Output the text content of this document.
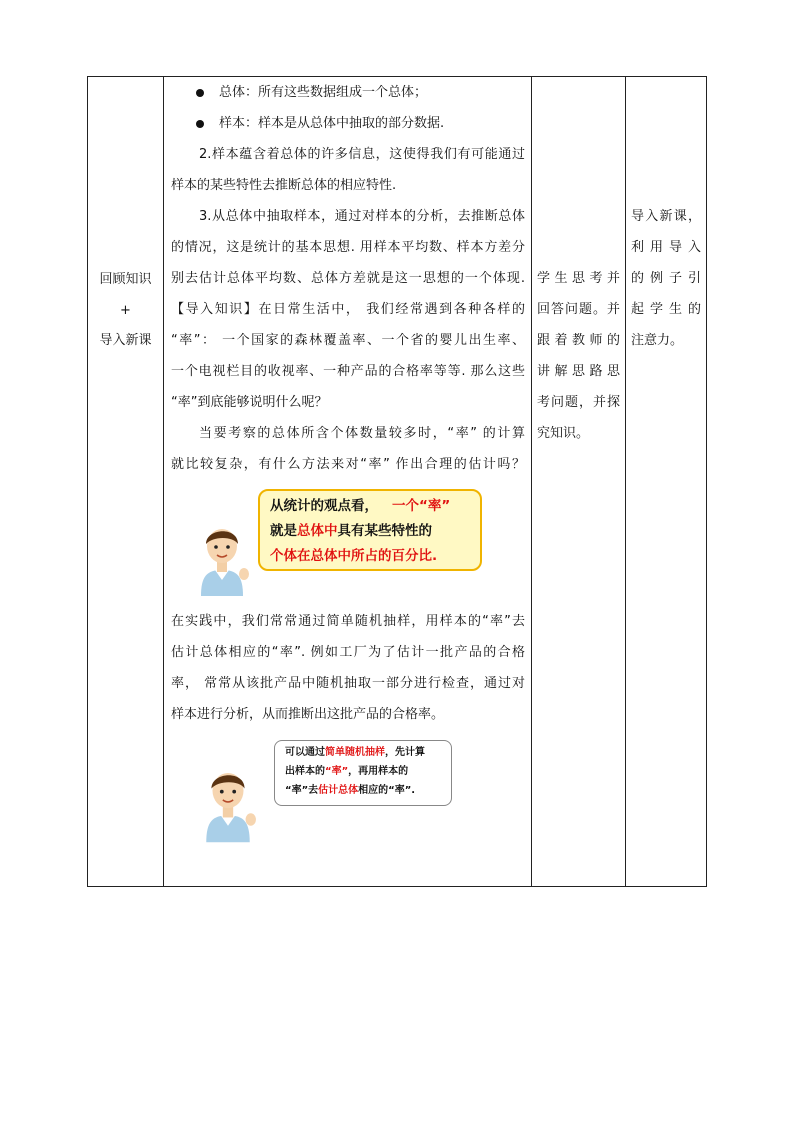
回顾知识
+
导入新课
总体：所有这些数据组成一个总体；
样本：样本是从总体中抽取的部分数据.
2.样本蕴含着总体的许多信息，这使得我们有可能通过
样本的某些特性去推断总体的相应特性.
3.从总体中抽取样本，通过对样本的分析，去推断总体
的情况，这是统计的基本思想. 用样本平均数、样本方差分
别去估计总体平均数、总体方差就是这一思想的一个体现.
【导入知识】在日常生活中， 我们经常遇到各种各样的
“率”： 一个国家的森林覆盖率、一个省的婴儿出生率、
一个电视栏目的收视率、一种产品的合格率等等. 那么这些
“率”到底能够说明什么呢？
当要考察的总体所含个体数量较多时，“率” 的计算
就比较复杂，有什么方法来对“率” 作出合理的估计吗？
从统计的观点看， 一个“率”
就是总体中具有某些特性的
个体在总体中所占的百分比.
在实践中，我们常常通过简单随机抽样，用样本的“率”去
估计总体相应的“率”. 例如工厂为了估计一批产品的合格
率， 常常从该批产品中随机抽取一部分进行检查，通过对
样本进行分析，从而推断出这批产品的合格率。
可以通过简单随机抽样，先计算
出样本的“率”，再用样本的
“率”去估计总体相应的“率”.
学生思考并
回答问题。并
跟着教师的
讲解思路思
考问题，并探
究知识。
导入新课，
利用导入
的例子引
起学生的
注意力。
